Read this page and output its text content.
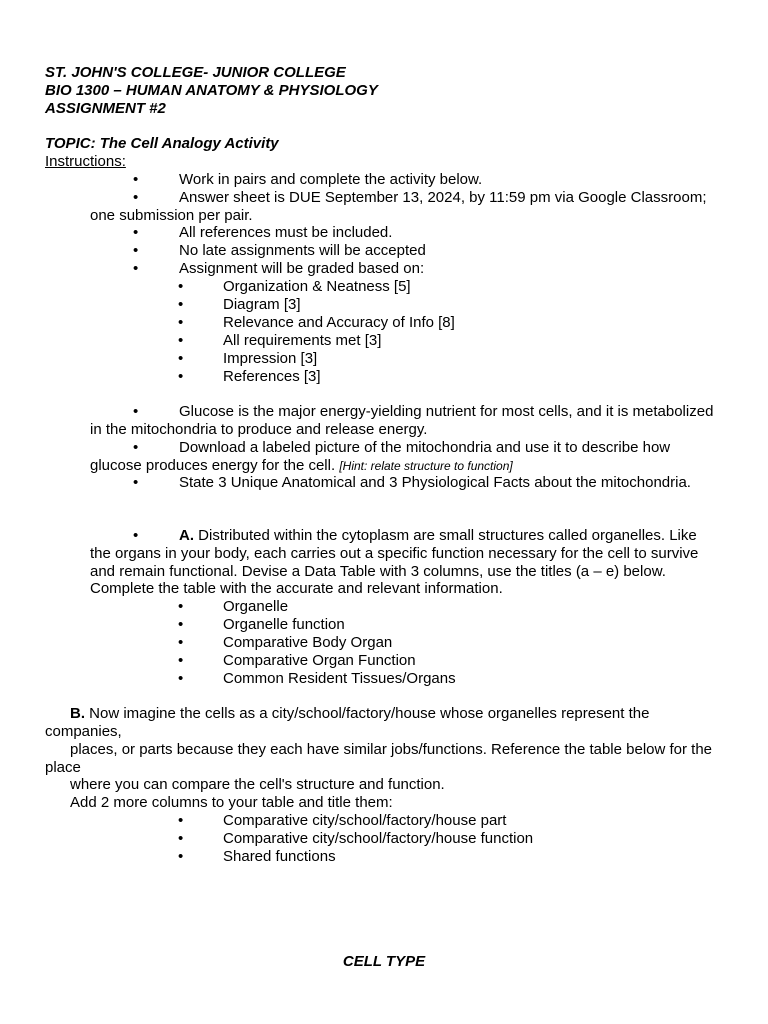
ST. JOHN'S COLLEGE- JUNIOR COLLEGE
BIO 1300 – HUMAN ANATOMY & PHYSIOLOGY
ASSIGNMENT #2
TOPIC: The Cell Analogy Activity
Instructions:
•	Work in pairs and complete the activity below.
•	Answer sheet is DUE September 13, 2024, by 11:59 pm via Google Classroom;
one submission per pair.
•	All references must be included.
•	No late assignments will be accepted
•	Assignment will be graded based on:
•	Organization & Neatness [5]
•	Diagram [3]
•	Relevance and Accuracy of Info [8]
•	All requirements met [3]
•	Impression [3]
•	References [3]
•	Glucose is the major energy-yielding nutrient for most cells, and it is metabolized
in the mitochondria to produce and release energy.
•	Download a labeled picture of the mitochondria and use it to describe how
glucose produces energy for the cell. [Hint: relate structure to function]
•	State 3 Unique Anatomical and 3 Physiological Facts about the mitochondria.
•	A. Distributed within the cytoplasm are small structures called organelles. Like
the organs in your body, each carries out a specific function necessary for the cell to survive
and remain functional. Devise a Data Table with 3 columns, use the titles (a – e) below.
Complete the table with the accurate and relevant information.
•	Organelle
•	Organelle function
•	Comparative Body Organ
•	Comparative Organ Function
•	Common Resident Tissues/Organs
B. Now imagine the cells as a city/school/factory/house whose organelles represent the
companies,
places, or parts because they each have similar jobs/functions. Reference the table below for the
place
where you can compare the cell's structure and function.
Add 2 more columns to your table and title them:
•	Comparative city/school/factory/house part
•	Comparative city/school/factory/house function
•	Shared functions
CELL TYPE
